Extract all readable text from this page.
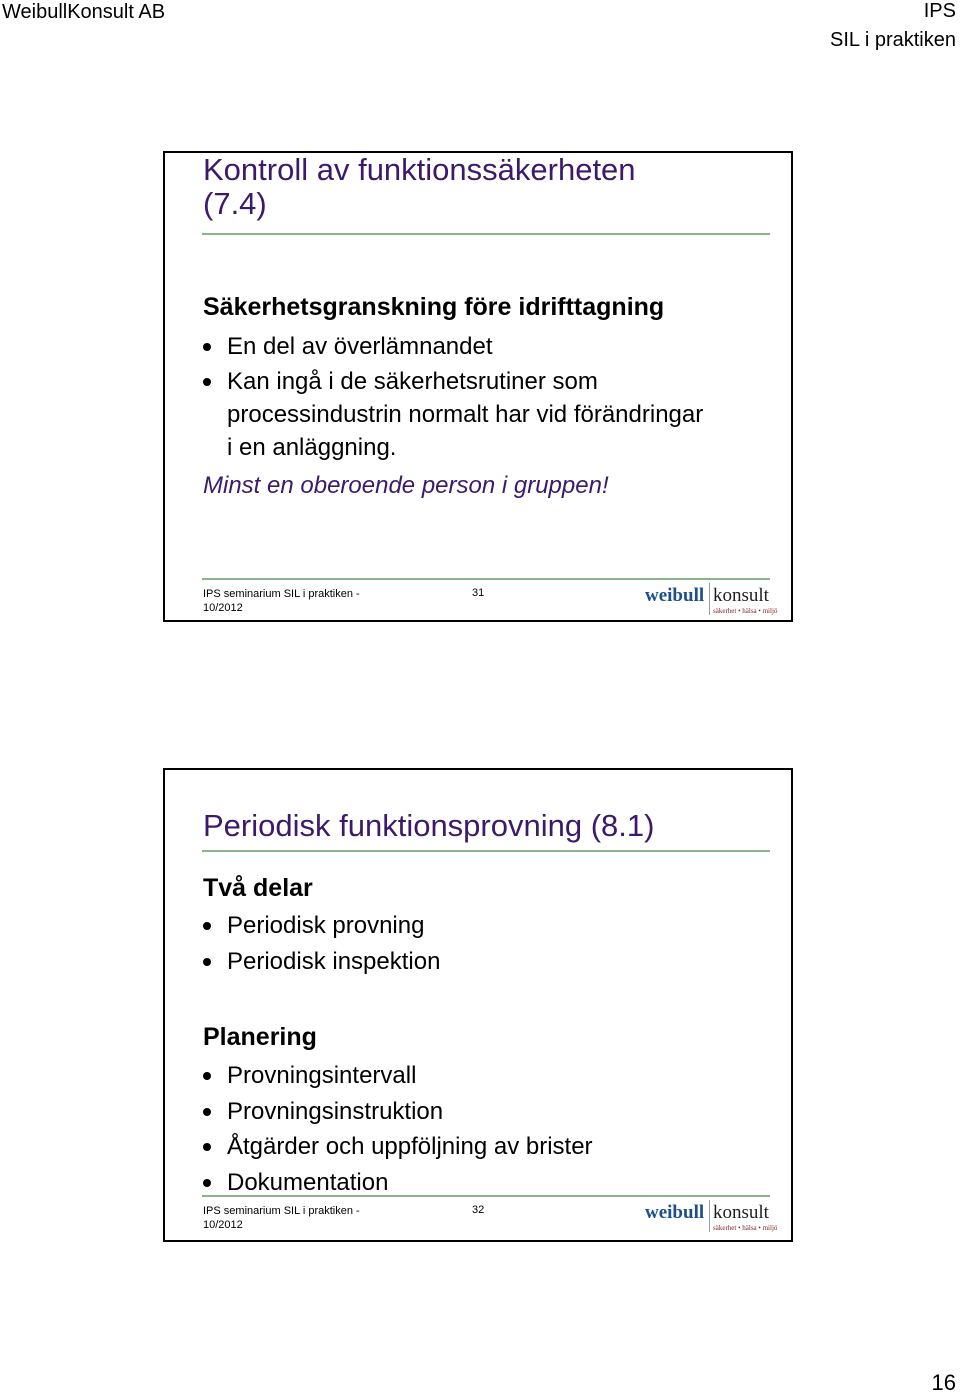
WeibullKonsult AB	IPS
SIL i praktiken
Kontroll av funktionssäkerheten
(7.4)
Säkerhetsgranskning före idrifttagning
En del av överlämnandet
Kan ingå i de säkerhetsrutiner som
processindustrin normalt har vid förändringar
i en anläggning.
Minst en oberoende person i gruppen!
IPS seminarium SIL i praktiken -
10/2012
31	weibull konsult
säkerhet • hälsa • miljö
Periodisk funktionsprovning (8.1)
Två delar
Periodisk provning
Periodisk inspektion
Planering
Provningsintervall
Provningsinstruktion
Åtgärder och uppföljning av brister
Dokumentation
IPS seminarium SIL i praktiken -
10/2012
32	weibull konsult
säkerhet • hälsa • miljö
16
